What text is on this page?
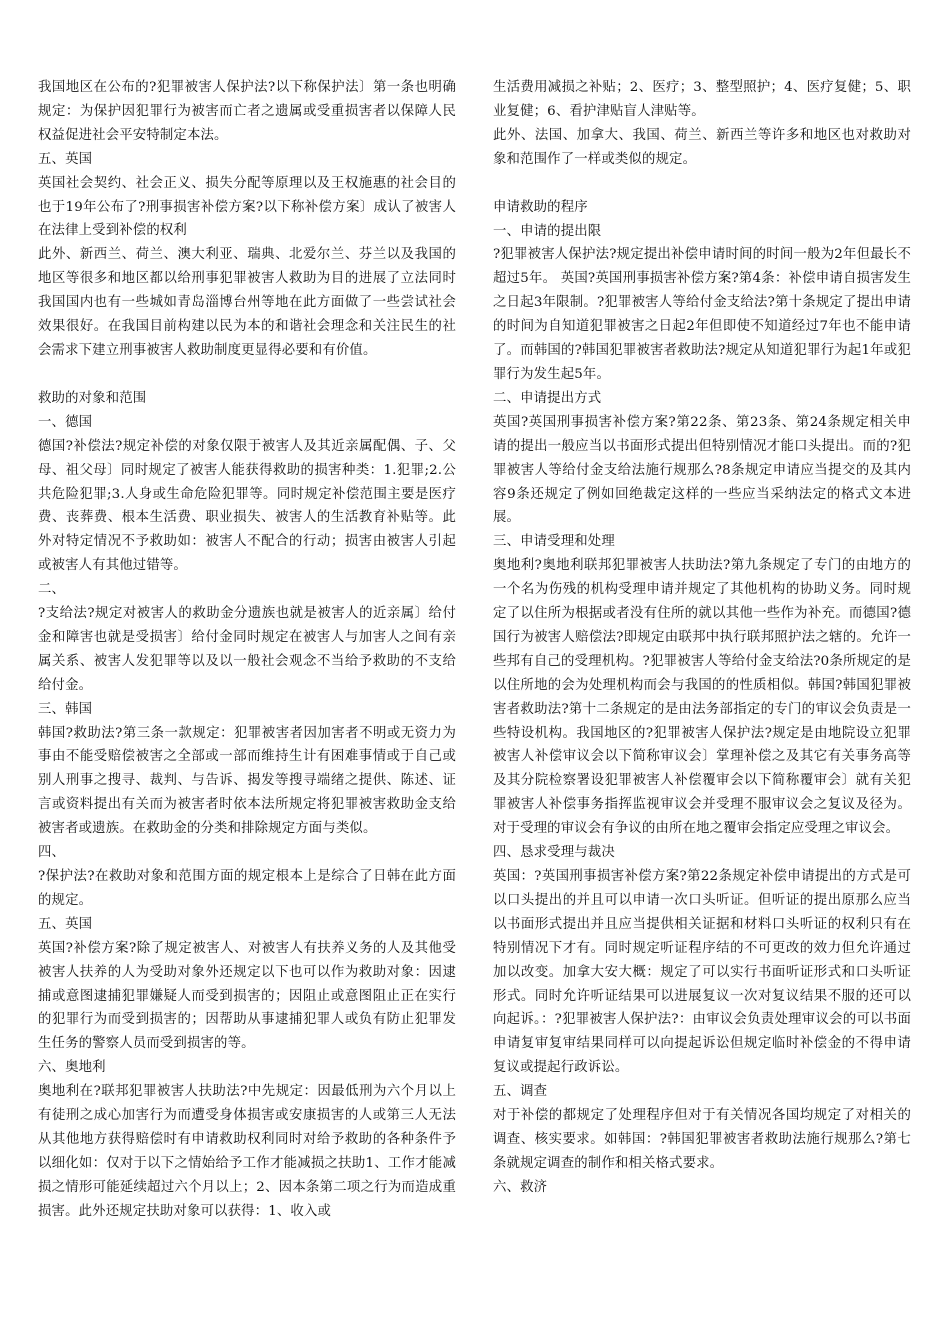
我国地区在公布的?犯罪被害人保护法?以下称保护法〕第一条也明确规定：为保护因犯罪行为被害而亡者之遗属或受重损害者以保障人民权益促进社会平安特制定本法。

五、英国

英国社会契约、社会正义、损失分配等原理以及王权施惠的社会目的也于19年公布了?刑事损害补偿方案?以下称补偿方案〕成认了被害人在法律上受到补偿的权利

此外、新西兰、荷兰、澳大利亚、瑞典、北爱尔兰、芬兰以及我国的地区等很多和地区都以给刑事犯罪被害人救助为目的进展了立法同时我国国内也有一些城如青岛淄博台州等地在此方面做了一些尝试社会效果很好。在我国目前构建以民为本的和谐社会理念和关注民生的社会需求下建立刑事被害人救助制度更显得必要和有价值。

救助的对象和范围

一、德国

德国?补偿法?规定补偿的对象仅限于被害人及其近亲属配偶、子、父母、祖父母〕同时规定了被害人能获得救助的损害种类：1.犯罪;2.公共危险犯罪;3.人身或生命危险犯罪等。同时规定补偿范围主要是医疗费、丧葬费、根本生活费、职业损失、被害人的生活教育补贴等。此外对特定情况不予救助如：被害人不配合的行动；损害由被害人引起或被害人有其他过错等。

二、

?支给法?规定对被害人的救助金分遗族也就是被害人的近亲属〕给付金和障害也就是受损害〕给付金同时规定在被害人与加害人之间有亲属关系、被害人发犯罪等以及以一般社会观念不当给予救助的不支给给付金。

三、韩国

韩国?救助法?第三条一款规定：犯罪被害者因加害者不明或无资力为事由不能受赔偿被害之全部或一部而维持生计有困难事情或于自己或别人刑事之搜寻、裁判、与告诉、揭发等搜寻端绪之提供、陈述、证言或资料提出有关而为被害者时依本法所规定将犯罪被害救助金支给被害者或遗族。在救助金的分类和排除规定方面与类似。

四、

?保护法?在救助对象和范围方面的规定根本上是综合了日韩在此方面的规定。

五、英国

英国?补偿方案?除了规定被害人、对被害人有扶养义务的人及其他受被害人扶养的人为受助对象外还规定以下也可以作为救助对象：因逮捕或意图逮捕犯罪嫌疑人而受到损害的；因阻止或意图阻止正在实行的犯罪行为而受到损害的；因帮助从事逮捕犯罪人或负有防止犯罪发生任务的警察人员而受到损害的等。

六、奥地利

奥地利在?联邦犯罪被害人扶助法?中先规定：因最低刑为六个月以上有徒刑之成心加害行为而遭受身体损害或安康损害的人或第三人无法从其他地方获得赔偿时有申请救助权利同时对给予救助的各种条件予以细化如：仅对于以下之情始给予工作才能减损之扶助1、工作才能减损之情形可能延续超过六个月以上；2、因本条第二项之行为而造成重损害。此外还规定扶助对象可以获得：1、收入或

生活费用减损之补贴；2、医疗；3、整型照护；4、医疗复健；5、职业复健；6、看护津贴盲人津贴等。

此外、法国、加拿大、我国、荷兰、新西兰等许多和地区也对救助对象和范围作了一样或类似的规定。

申请救助的程序

一、申请的提出限

?犯罪被害人保护法?规定提出补偿申请时间的时间一般为2年但最长不超过5年。 英国?英国刑事损害补偿方案?第4条：补偿申请自损害发生之日起3年限制。?犯罪被害人等给付金支给法?第十条规定了提出申请的时间为自知道犯罪被害之日起2年但即使不知道经过7年也不能申请了。而韩国的?韩国犯罪被害者救助法?规定从知道犯罪行为起1年或犯罪行为发生起5年。

二、申请提出方式

英国?英国刑事损害补偿方案?第22条、第23条、第24条规定相关申请的提出一般应当以书面形式提出但特别情况才能口头提出。而的?犯罪被害人等给付金支给法施行规那么?8条规定申请应当提交的及其内容9条还规定了例如回绝裁定这样的一些应当采纳法定的格式文本进展。

三、申请受理和处理

奥地利?奥地利联邦犯罪被害人扶助法?第九条规定了专门的由地方的一个名为伤残的机构受理申请并规定了其他机构的协助义务。同时规定了以住所为根据或者没有住所的就以其他一些作为补充。而德国?德国行为被害人赔偿法?即规定由联邦中执行联邦照护法之辖的。允许一些邦有自己的受理机构。?犯罪被害人等给付金支给法?0条所规定的是以住所地的会为处理机构而会与我国的的性质相似。韩国?韩国犯罪被害者救助法?第十二条规定的是由法务部指定的专门的审议会负责是一些特设机构。我国地区的?犯罪被害人保护法?规定是由地院设立犯罪被害人补偿审议会以下简称审议会〕掌理补偿之及其它有关事务高等及其分院检察署设犯罪被害人补偿覆审会以下简称覆审会〕就有关犯罪被害人补偿事务指挥监视审议会并受理不服审议会之复议及径为。对于受理的审议会有争议的由所在地之覆审会指定应受理之审议会。

四、恳求受理与裁决

英国：?英国刑事损害补偿方案?第22条规定补偿申请提出的方式是可以口头提出的并且可以申请一次口头听证。但听证的提出原那么应当以书面形式提出并且应当提供相关证据和材料口头听证的权利只有在特别情况下才有。同时规定听证程序结的不可更改的效力但允许通过加以改变。加拿大安大概：规定了可以实行书面听证形式和口头听证形式。同时允许听证结果可以进展复议一次对复议结果不服的还可以向起诉。：?犯罪被害人保护法?：由审议会负责处理审议会的可以书面申请复审复审结果同样可以向提起诉讼但规定临时补偿金的不得申请复议或提起行政诉讼。

五、调查

对于补偿的都规定了处理程序但对于有关情况各国均规定了对相关的调查、核实要求。如韩国：?韩国犯罪被害者救助法施行规那么?第七条就规定调查的制作和相关格式要求。

六、救济
